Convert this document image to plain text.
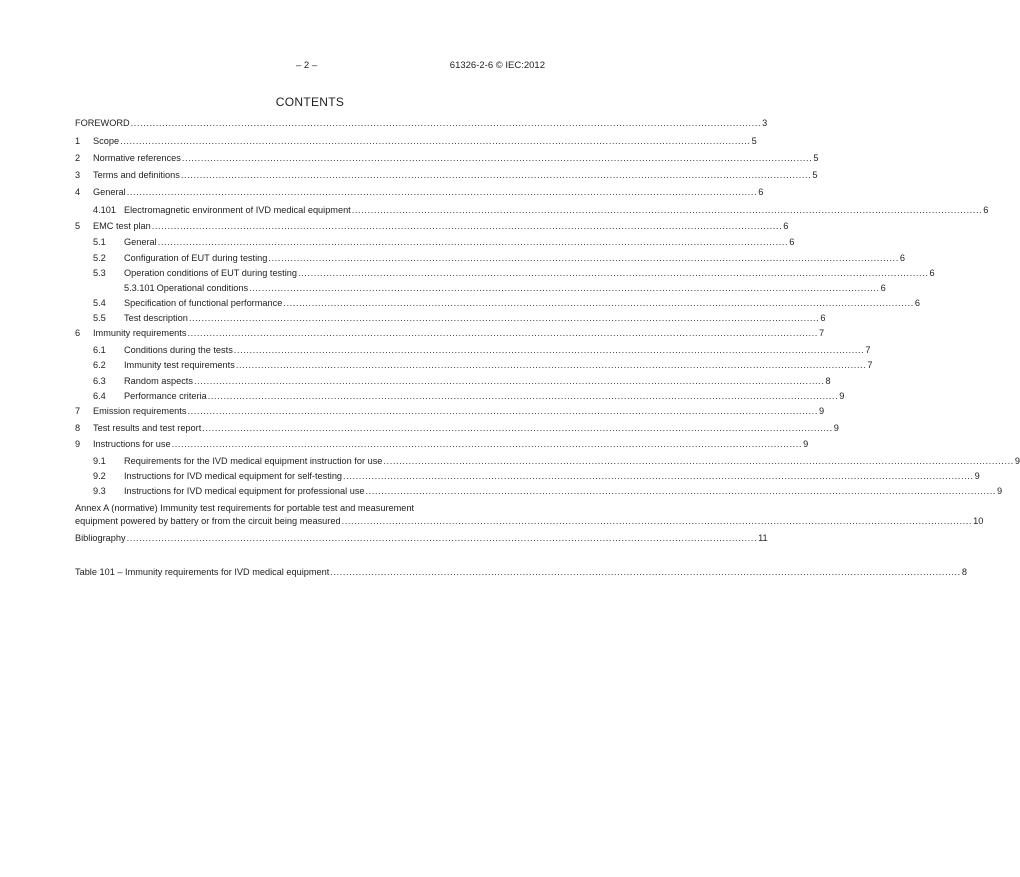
– 2 –	61326-2-6 © IEC:2012
CONTENTS
FOREWORD ........................................................................................................................................................................................................ 3
1	Scope ........................................................................................................................................................................................................ 5
2	Normative references ........................................................................................................................................................................................................ 5
3	Terms and definitions ........................................................................................................................................................................................................ 5
4	General ........................................................................................................................................................................................................ 6
4.101 Electromagnetic environment of IVD medical equipment ........................................................................................................................................................................................................ 6
5	EMC test plan ........................................................................................................................................................................................................ 6
5.1	General ........................................................................................................................................................................................................ 6
5.2	Configuration of EUT during testing ........................................................................................................................................................................................................ 6
5.3	Operation conditions of EUT during testing ........................................................................................................................................................................................................ 6
5.3.101 Operational conditions ........................................................................................................................................................................................................ 6
5.4	Specification of functional performance ........................................................................................................................................................................................................ 6
5.5	Test description ........................................................................................................................................................................................................ 6
6	Immunity requirements ........................................................................................................................................................................................................ 7
6.1	Conditions during the tests ........................................................................................................................................................................................................ 7
6.2	Immunity test requirements ........................................................................................................................................................................................................ 7
6.3	Random aspects ........................................................................................................................................................................................................ 8
6.4	Performance criteria ........................................................................................................................................................................................................ 9
7	Emission requirements ........................................................................................................................................................................................................ 9
8	Test results and test report ........................................................................................................................................................................................................ 9
9	Instructions for use ........................................................................................................................................................................................................ 9
9.1	Requirements for the IVD medical equipment instruction for use ........................................................................................................................................................................................................ 9
9.2	Instructions for IVD medical equipment for self-testing ........................................................................................................................................................................................................ 9
9.3	Instructions for IVD medical equipment for professional use ........................................................................................................................................................................................................ 9
Annex A (normative) Immunity test requirements for portable test and measurement
equipment powered by battery or from the circuit being measured ........................................................................................................................................................................................................ 10
Bibliography ........................................................................................................................................................................................................ 11
Table 101 – Immunity requirements for IVD medical equipment ........................................................................................................................................................................................................ 8
